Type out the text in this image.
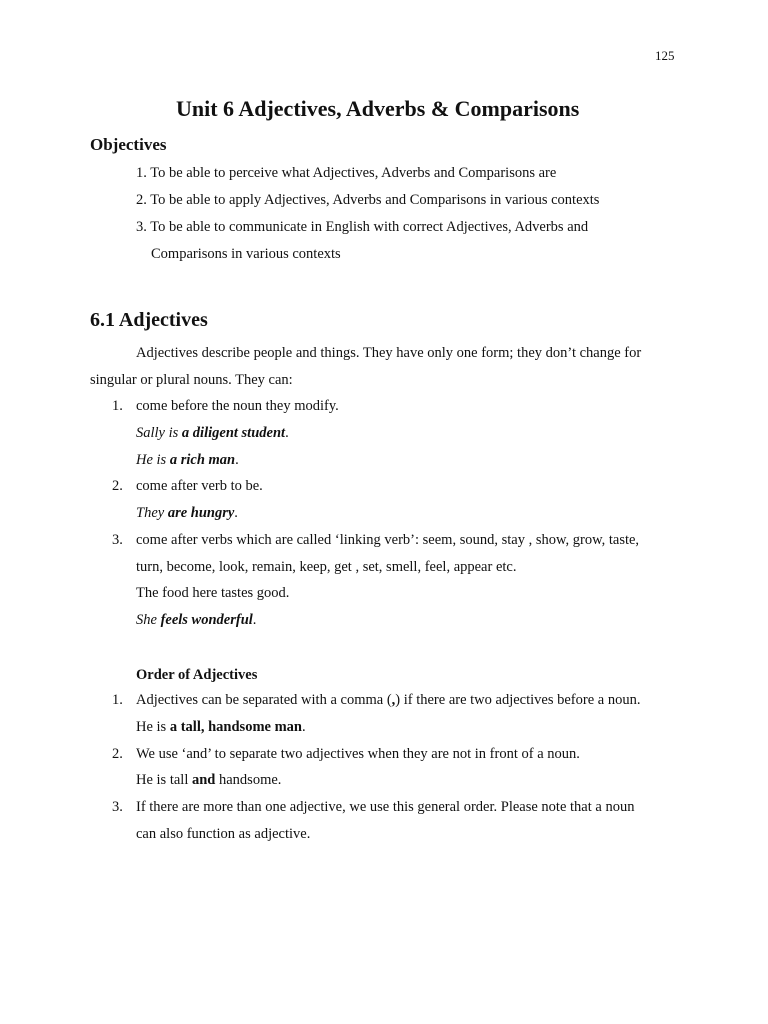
125
Unit 6 Adjectives, Adverbs & Comparisons
Objectives
1. To be able to perceive what Adjectives, Adverbs and Comparisons are
2. To be able to apply Adjectives, Adverbs and Comparisons in various contexts
3. To be able to communicate in English with correct Adjectives, Adverbs and
Comparisons in various contexts
6.1 Adjectives
Adjectives describe people and things. They have only one form; they don’t change for
singular or plural nouns. They can:
1. come before the noun they modify.
Sally is a diligent student.
He is a rich man.
2. come after verb to be.
They are hungry.
3. come after verbs which are called ‘linking verb’: seem, sound, stay , show, grow, taste,
turn, become, look, remain, keep, get , set, smell, feel, appear etc.
The food here tastes good.
She feels wonderful.
Order of Adjectives
1. Adjectives can be separated with a comma (,) if there are two adjectives before a noun.
He is a tall, handsome man.
2. We use ‘and’ to separate two adjectives when they are not in front of a noun.
He is tall and handsome.
3. If there are more than one adjective, we use this general order. Please note that a noun
can also function as adjective.
